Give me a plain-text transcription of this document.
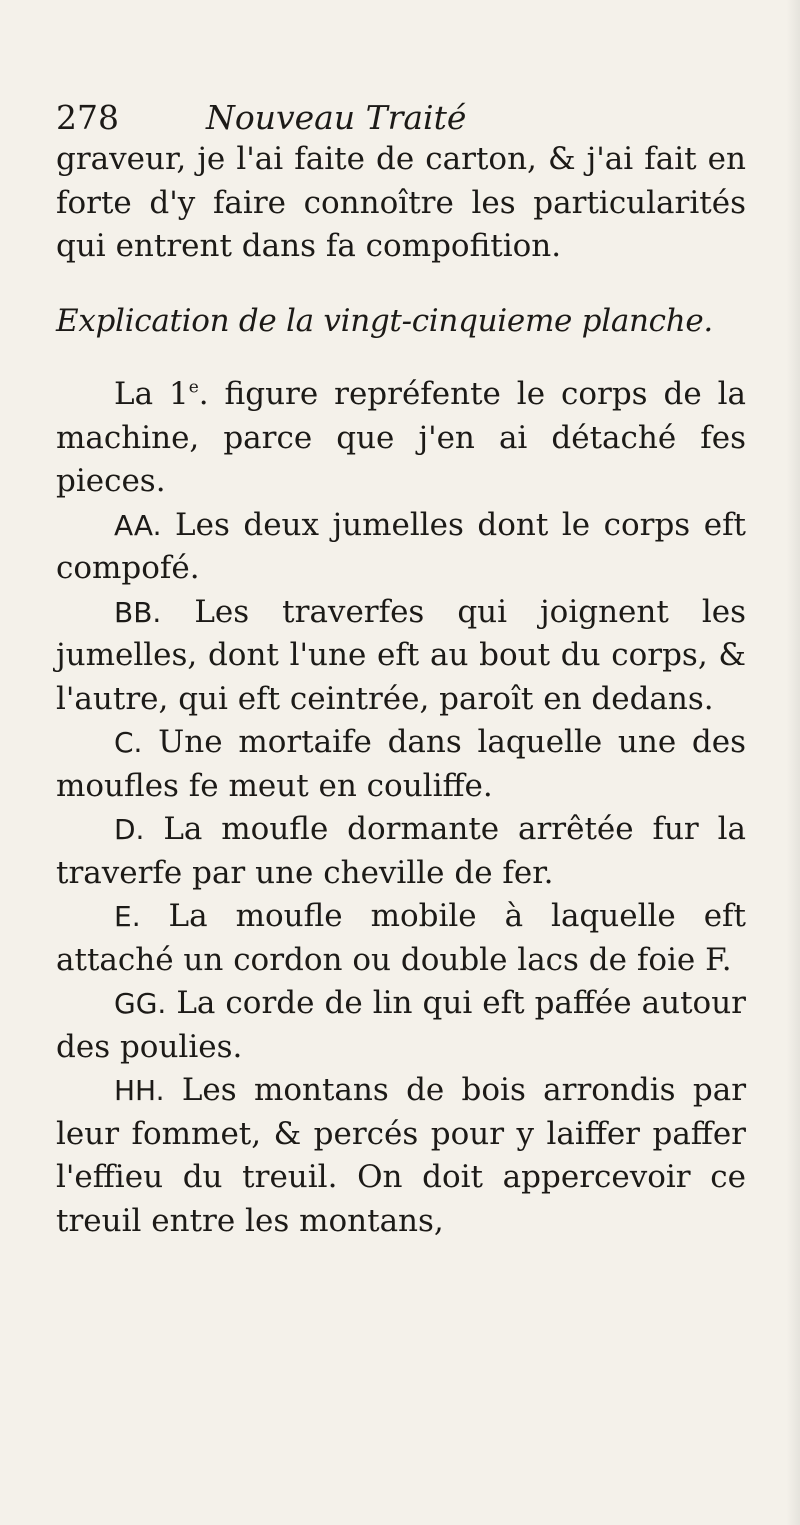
278	Nouveau Traité

graveur, je l'ai faite de carton, & j'ai fait en forte d'y faire connoître les particularités qui entrent dans fa compofition.

Explication de la vingt-cinquieme planche.

La 1e. figure repréfente le corps de la machine, parce que j'en ai détaché fes pieces.

AA. Les deux jumelles dont le corps eft compofé.

BB. Les traverfes qui joignent les jumelles, dont l'une eft au bout du corps, & l'autre, qui eft ceintrée, paroît en dedans.

C. Une mortaife dans laquelle une des moufles fe meut en couliffe.

D. La moufle dormante arrêtée fur la traverfe par une cheville de fer.

E. La moufle mobile à laquelle eft attaché un cordon ou double lacs de foie F.

GG. La corde de lin qui eft paffée autour des poulies.

HH. Les montans de bois arrondis par leur fommet, & percés pour y laiffer paffer l'effieu du treuil. On doit appercevoir ce treuil entre les montans,
